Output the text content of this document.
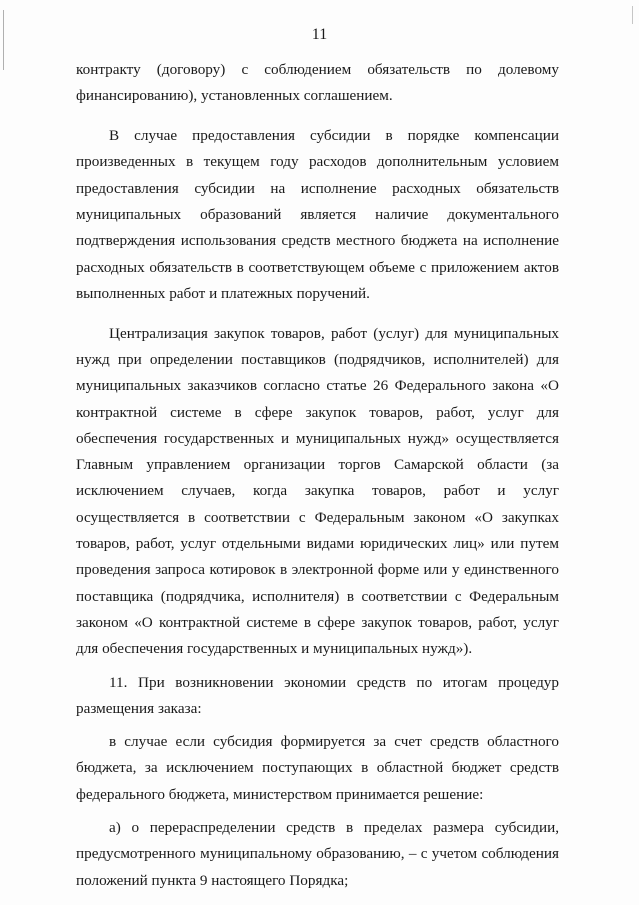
11

контракту (договору) с соблюдением обязательств по долевому финансированию), установленных соглашением.

В случае предоставления субсидии в порядке компенсации произведенных в текущем году расходов дополнительным условием предоставления субсидии на исполнение расходных обязательств муниципальных образований является наличие документального подтверждения использования средств местного бюджета на исполнение расходных обязательств в соответствующем объеме с приложением актов выполненных работ и платежных поручений.

Централизация закупок товаров, работ (услуг) для муниципальных нужд при определении поставщиков (подрядчиков, исполнителей) для муниципальных заказчиков согласно статье 26 Федерального закона «О контрактной системе в сфере закупок товаров, работ, услуг для обеспечения государственных и муниципальных нужд» осуществляется Главным управлением организации торгов Самарской области (за исключением случаев, когда закупка товаров, работ и услуг осуществляется в соответствии с Федеральным законом «О закупках товаров, работ, услуг отдельными видами юридических лиц» или путем проведения запроса котировок в электронной форме или у единственного поставщика (подрядчика, исполнителя) в соответствии с Федеральным законом «О контрактной системе в сфере закупок товаров, работ, услуг для обеспечения государственных и муниципальных нужд»).

11. При возникновении экономии средств по итогам процедур размещения заказа:

в случае если субсидия формируется за счет средств областного бюджета, за исключением поступающих в областной бюджет средств федерального бюджета, министерством принимается решение:

а) о перераспределении средств в пределах размера субсидии, предусмотренного муниципальному образованию, – с учетом соблюдения положений пункта 9 настоящего Порядка;
